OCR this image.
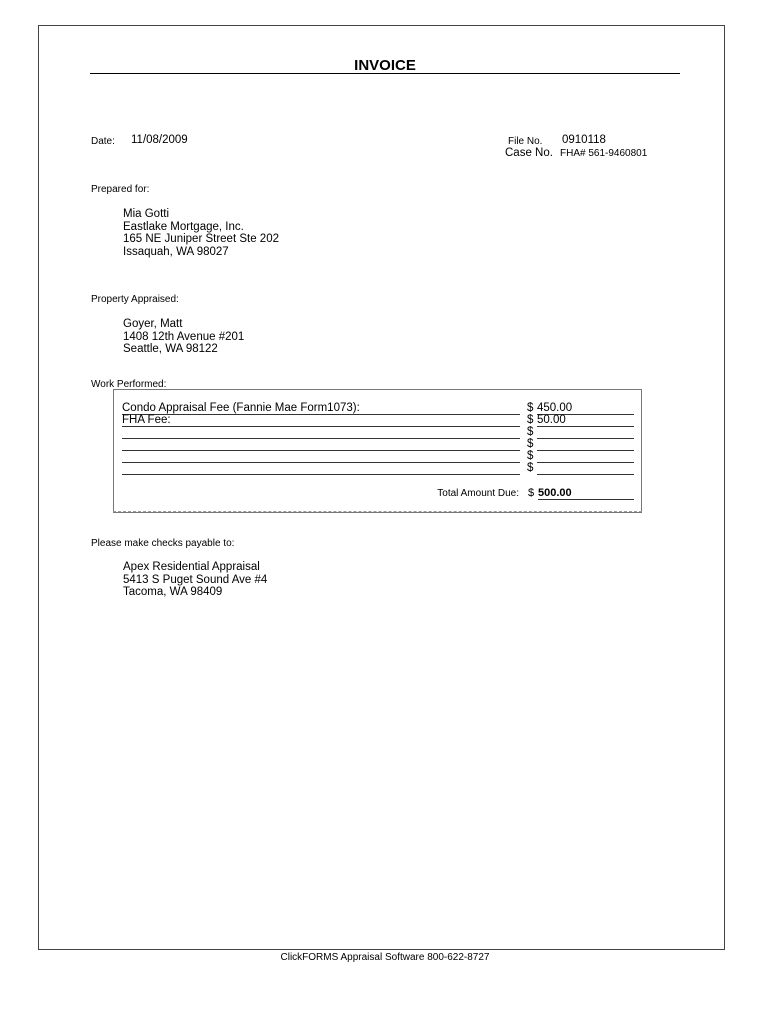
INVOICE
Date: 11/08/2009	File No. 0910118
Case No. FHA# 561-9460801
Prepared for:
Mia Gotti
Eastlake Mortgage, Inc.
165 NE Juniper Street Ste 202
Issaquah, WA 98027
Property Appraised:
Goyer, Matt
1408 12th Avenue #201
Seattle, WA 98122
Work Performed:
Condo Appraisal Fee (Fannie Mae Form1073):	$ 450.00
FHA Fee:	$ 50.00
$
$
$
$
Total Amount Due: $ 500.00
Please make checks payable to:
Apex Residential Appraisal
5413 S Puget Sound Ave #4
Tacoma, WA 98409
ClickFORMS Appraisal Software 800-622-8727
